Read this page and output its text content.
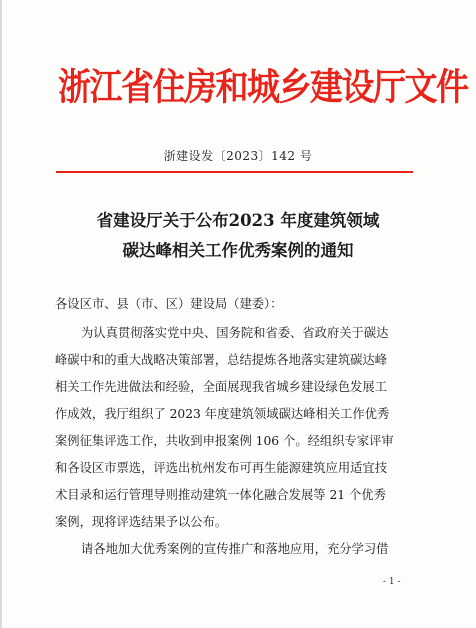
浙江省住房和城乡建设厅文件
浙建设发〔2023〕142 号
省建设厅关于公布2023 年度建筑领域
碳达峰相关工作优秀案例的通知
各设区市、县（市、区）建设局（建委）：
为认真贯彻落实党中央、国务院和省委、省政府关于碳达
峰碳中和的重大战略决策部署，总结提炼各地落实建筑碳达峰
相关工作先进做法和经验，全面展现我省城乡建设绿色发展工
作成效，我厅组织了 2023 年度建筑领域碳达峰相关工作优秀
案例征集评选工作，共收到申报案例 106 个。经组织专家评审
和各设区市票选，评选出杭州发布可再生能源建筑应用适宜技
术目录和运行管理导则推动建筑一体化融合发展等 21 个优秀
案例，现将评选结果予以公布。
请各地加大优秀案例的宣传推广和落地应用，充分学习借
- 1 -
